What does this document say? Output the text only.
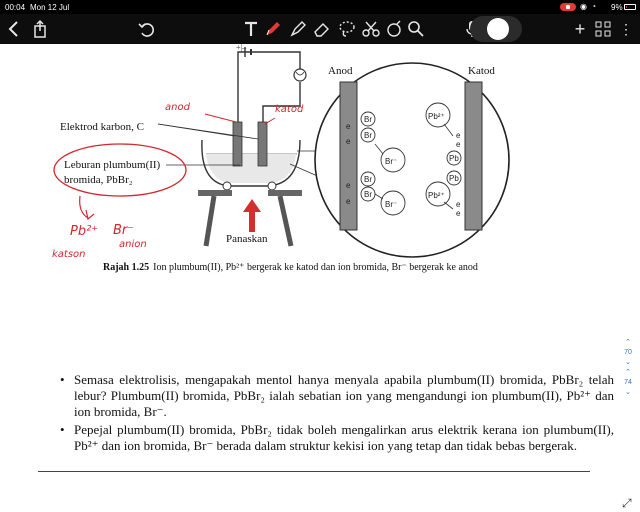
00:04 Mon 12 Jul	◉ ◔ 9%
+	⋮
Br
Br
Br⁻
Br
Br
Br⁻
Pb²⁺
Pb
Pb
Pb²⁺
e
e
e
e
e
e
e
e
Elektrod karbon, C
Leburan plumbum(II)
bromida, PbBr₂
Panaskan
Anod	Katod
+|–
anod	katod
Pb²⁺ Br⁻
katson
anion
Rajah 1.25 Ion plumbum(II), Pb²⁺ bergerak ke katod dan ion bromida, Br⁻ bergerak ke anod

• Semasa elektrolisis, mengapakah mentol hanya menyala apabila plumbum(II) bromida, PbBr₂ telah lebur? Plumbum(II) bromida, PbBr₂ ialah sebatian ion yang mengandungi ion plumbum(II), Pb²⁺ dan ion bromida, Br⁻.

• Pepejal plumbum(II) bromida, PbBr₂ tidak boleh mengalirkan arus elektrik kerana ion plumbum(II), Pb²⁺ dan ion bromida, Br⁻ berada dalam struktur kekisi ion yang tetap dan tidak bebas bergerak.

⌃
70
⌄
⌃
74
⌄
⤢
